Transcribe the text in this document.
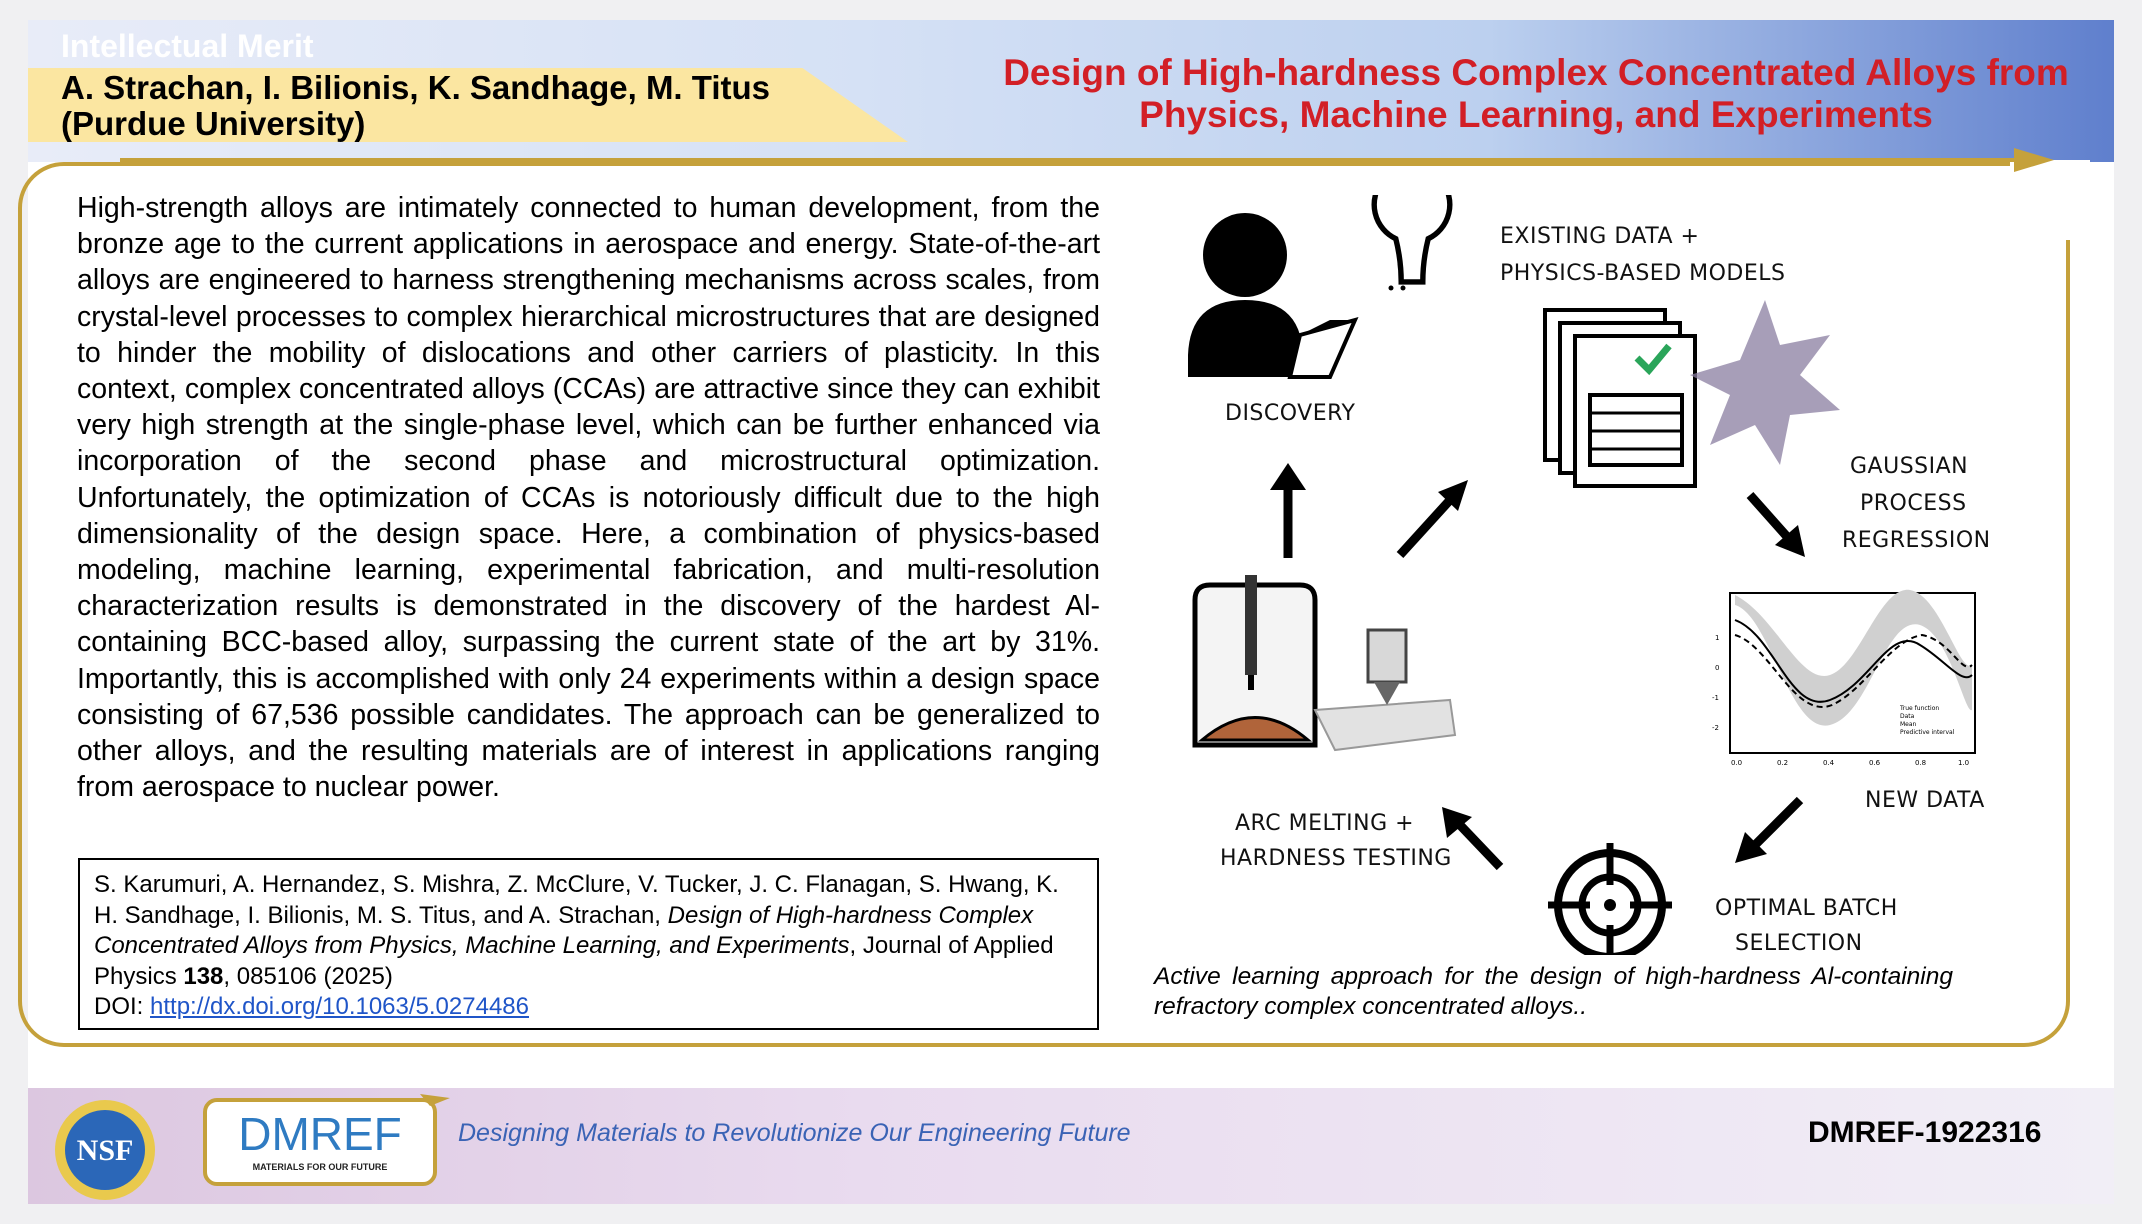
Intellectual Merit
A. Strachan, I. Bilionis, K. Sandhage, M. Titus
(Purdue University)
Design of High-hardness Complex Concentrated Alloys from
Physics, Machine Learning, and Experiments
High-strength alloys are intimately connected to human development, from the bronze age to the current applications in aerospace and energy. State-of-the-art alloys are engineered to harness strengthening mechanisms across scales, from crystal-level processes to complex hierarchical microstructures that are designed to hinder the mobility of dislocations and other carriers of plasticity. In this context, complex concentrated alloys (CCAs) are attractive since they can exhibit very high strength at the single-phase level, which can be further enhanced via incorporation of the second phase and microstructural optimization. Unfortunately, the optimization of CCAs is notoriously difficult due to the high dimensionality of the design space. Here, a combination of physics-based modeling, machine learning, experimental fabrication, and multi-resolution characterization results is demonstrated in the discovery of the hardest Al-containing BCC-based alloy, surpassing the current state of the art by 31%. Importantly, this is accomplished with only 24 experiments within a design space consisting of 67,536 possible candidates. The approach can be generalized to other alloys, and the resulting materials are of interest in applications ranging from aerospace to nuclear power.
S. Karumuri, A. Hernandez, S. Mishra, Z. McClure, V. Tucker, J. C. Flanagan, S. Hwang, K. H. Sandhage, I. Bilionis, M. S. Titus, and A. Strachan, Design of High-hardness Complex Concentrated Alloys from Physics, Machine Learning, and Experiments, Journal of Applied Physics 138, 085106 (2025)
DOI: http://dx.doi.org/10.1063/5.0274486
DISCOVERY
EXISTING DATA +
PHYSICS-BASED MODELS
GAUSSIAN
PROCESS
REGRESSION
True function
Data
Mean
Predictive interval
0.0	0.2	0.4	0.6	0.8	1.0
1
0
-1
-2
NEW DATA
OPTIMAL BATCH
SELECTION
ARC MELTING +
HARDNESS TESTING
Active learning approach for the design of high-hardness Al-containing refractory complex concentrated alloys..
NSF DMREF
MATERIALS FOR OUR FUTURE
Designing Materials to Revolutionize Our Engineering Future	DMREF-1922316
